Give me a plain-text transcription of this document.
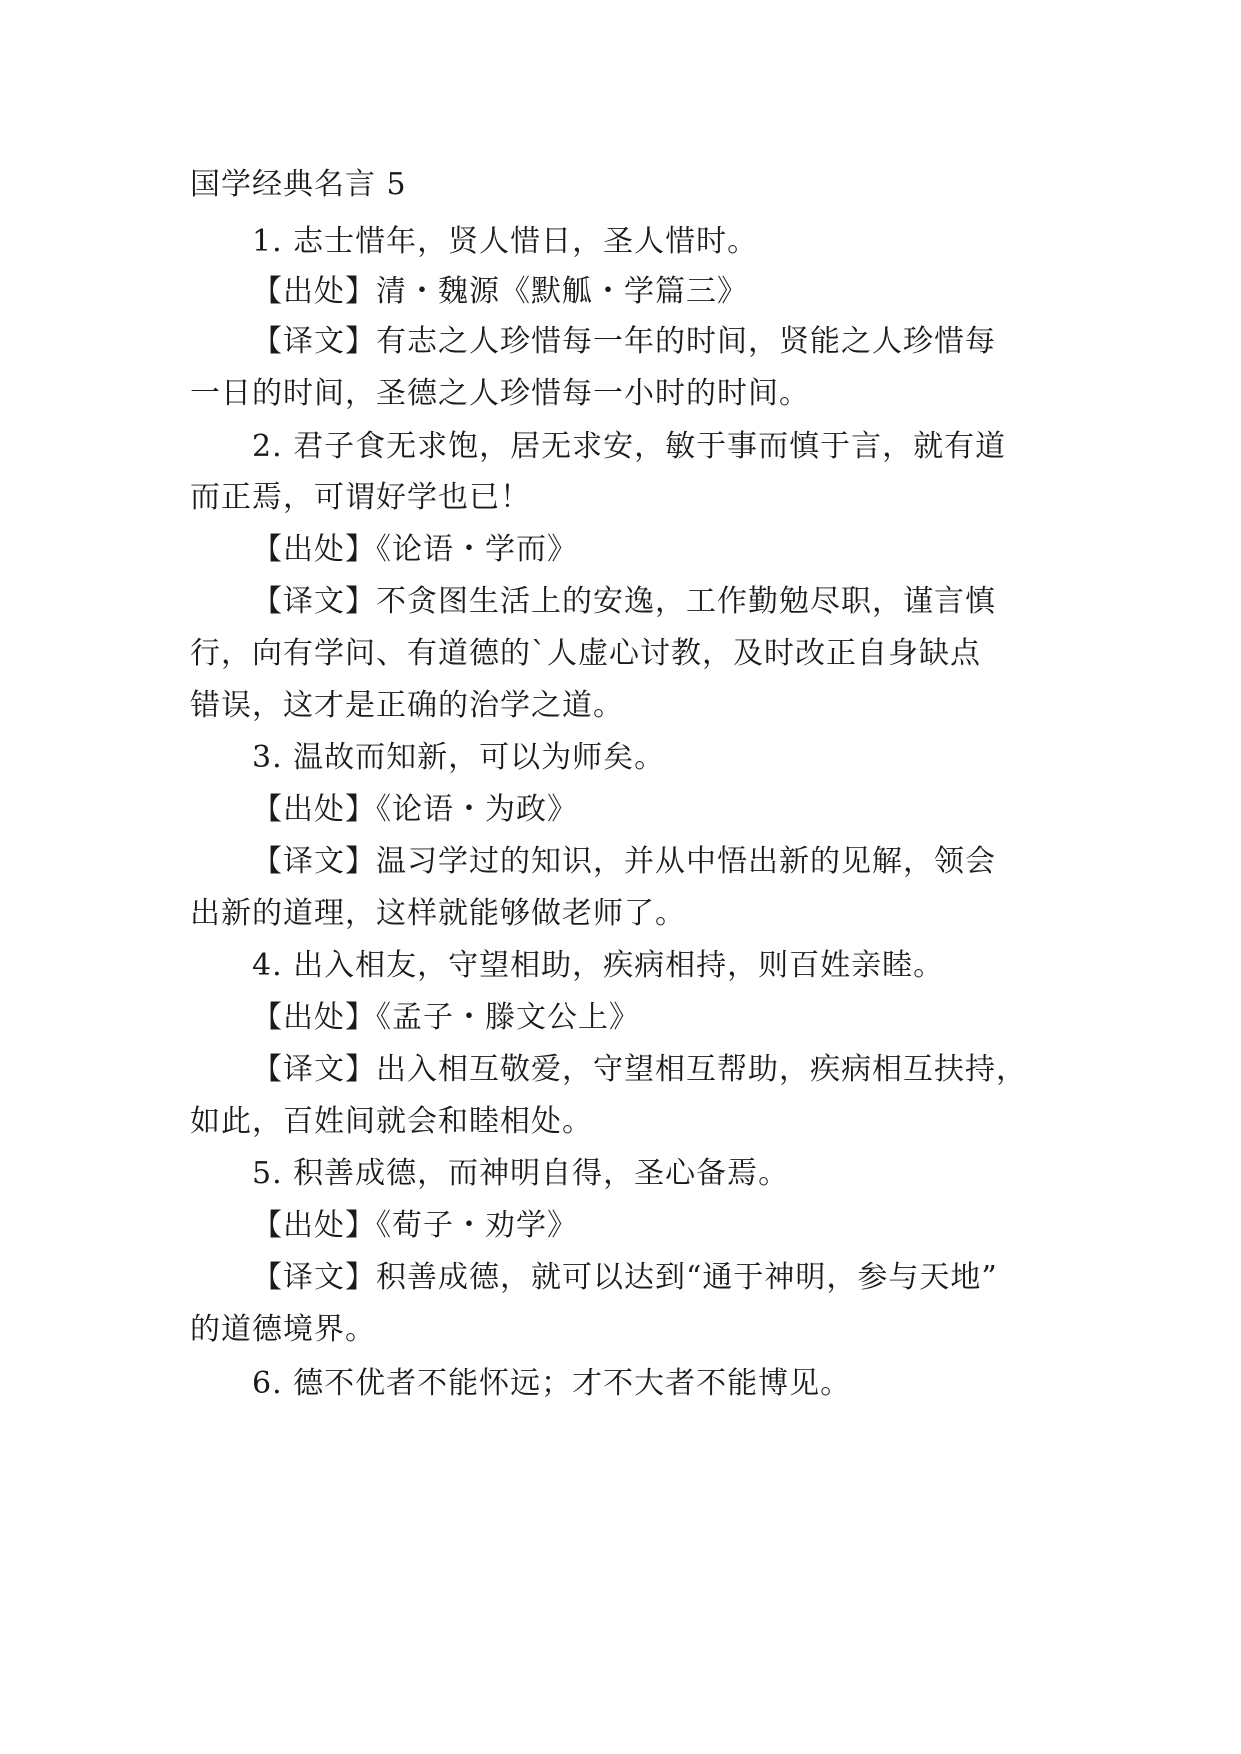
国学经典名言 5
1. 志士惜年，贤人惜日，圣人惜时。
【出处】清・魏源《默觚・学篇三》
【译文】有志之人珍惜每一年的时间，贤能之人珍惜每
一日的时间，圣德之人珍惜每一小时的时间。
2. 君子食无求饱，居无求安，敏于事而慎于言，就有道
而正焉，可谓好学也已！
【出处】《论语・学而》
【译文】不贪图生活上的安逸，工作勤勉尽职，谨言慎
行，向有学问、有道德的`人虚心讨教，及时改正自身缺点
错误，这才是正确的治学之道。
3. 温故而知新，可以为师矣。
【出处】《论语・为政》
【译文】温习学过的知识，并从中悟出新的见解，领会
出新的道理，这样就能够做老师了。
4. 出入相友，守望相助，疾病相持，则百姓亲睦。
【出处】《孟子・滕文公上》
【译文】出入相互敬爱，守望相互帮助，疾病相互扶持，
如此，百姓间就会和睦相处。
5. 积善成德，而神明自得，圣心备焉。
【出处】《荀子・劝学》
【译文】积善成德，就可以达到“通于神明，参与天地”
的道德境界。
6. 德不优者不能怀远；才不大者不能博见。
